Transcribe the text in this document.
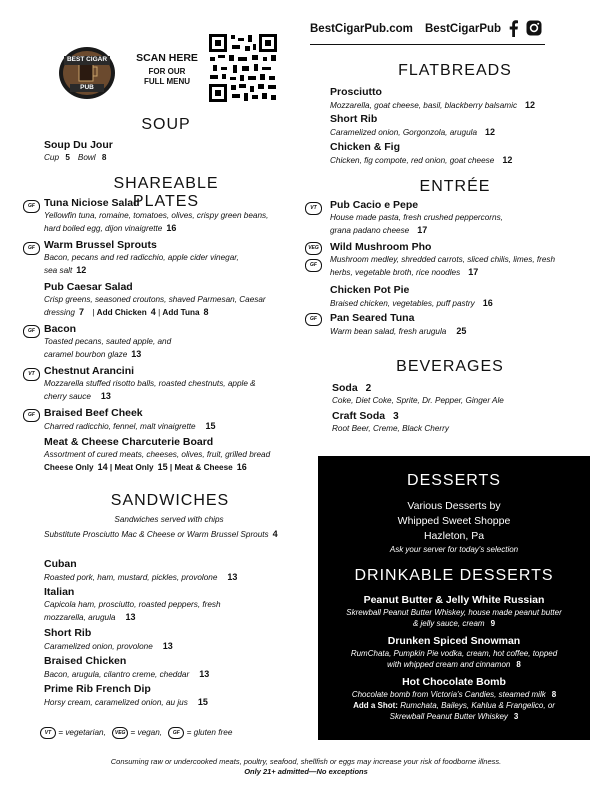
BEST CIGAR
PUB
SCAN HERE
FOR OUR
FULL MENU
BestCigarPub.com BestCigarPub
SOUP
Soup Du Jour
Cup 5 Bowl 8
SHAREABLE PLATES
GF Tuna Niciose Salad
Yellowfin tuna, romaine, tomatoes, olives, crispy green beans,
hard boiled egg, dijon vinaigrette 16
GF Warm Brussel Sprouts
Bacon, pecans and red radicchio, apple cider vinegar,
sea salt 12
Pub Caesar Salad
Crisp greens, seasoned croutons, shaved Parmesan, Caesar
dressing 7 | Add Chicken 4 | Add Tuna 8
GF Bacon
Toasted pecans, sauted apple, and
caramel bourbon glaze 13
VT Chestnut Arancini
Mozzarella stuffed risotto balls, roasted chestnuts, apple &
cherry sauce 13
GF Braised Beef Cheek
Charred radicchio, fennel, malt vinaigrette 15
Meat & Cheese Charcuterie Board
Assortment of cured meats, cheeses, olives, fruit, grilled bread
Cheese Only 14 | Meat Only 15 | Meat & Cheese 16
SANDWICHES
Sandwiches served with chips
Substitute Prosciutto Mac & Cheese or Warm Brussel Sprouts 4
Cuban
Roasted pork, ham, mustard, pickles, provolone 13
Italian
Capicola ham, prosciutto, roasted peppers, fresh
mozzarella, arugula 13
Short Rib
Caramelized onion, provolone 13
Braised Chicken
Bacon, arugula, cilantro creme, cheddar 13
Prime Rib French Dip
Horsy cream, caramelized onion, au jus 15
VT = vegetarian, VEG = vegan, GF = gluten free
Consuming raw or undercooked meats, poultry, seafood, shellfish or eggs may increase your risk of foodborne illness.
Only 21+ admitted—No exceptions
FLATBREADS
Prosciutto
Mozzarella, goat cheese, basil, blackberry balsamic 12
Short Rib
Caramelized onion, Gorgonzola, arugula 12
Chicken & Fig
Chicken, fig compote, red onion, goat cheese 12
ENTRÉE
VT	Pub Cacio e Pepe
House made pasta, fresh crushed peppercorns,
grana padano cheese 17
VEG
GF
Wild Mushroom Pho
Mushroom medley, shredded carrots, sliced chilis, limes, fresh
herbs, vegetable broth, rice noodles 17
Chicken Pot Pie
Braised chicken, vegetables, puff pastry 16
GF	Pan Seared Tuna
Warm bean salad, fresh arugula 25
BEVERAGES
Soda 2
Coke, Diet Coke, Sprite, Dr. Pepper, Ginger Ale
Craft Soda 3
Root Beer, Creme, Black Cherry
DESSERTS
Various Desserts by
Whipped Sweet Shoppe
Hazleton, Pa
Ask your server for today's selection
DRINKABLE DESSERTS
Peanut Butter & Jelly White Russian
Skrewball Peanut Butter Whiskey, house made peanut butter
& jelly sauce, cream 9
Drunken Spiced Snowman
RumChata, Pumpkin Pie vodka, cream, hot coffee, topped
with whipped cream and cinnamon 8
Hot Chocolate Bomb
Chocolate bomb from Victoria's Candies, steamed milk 8
Add a Shot: Rumchata, Baileys, Kahlua & Frangelico, or
Skrewball Peanut Butter Whiskey 3
